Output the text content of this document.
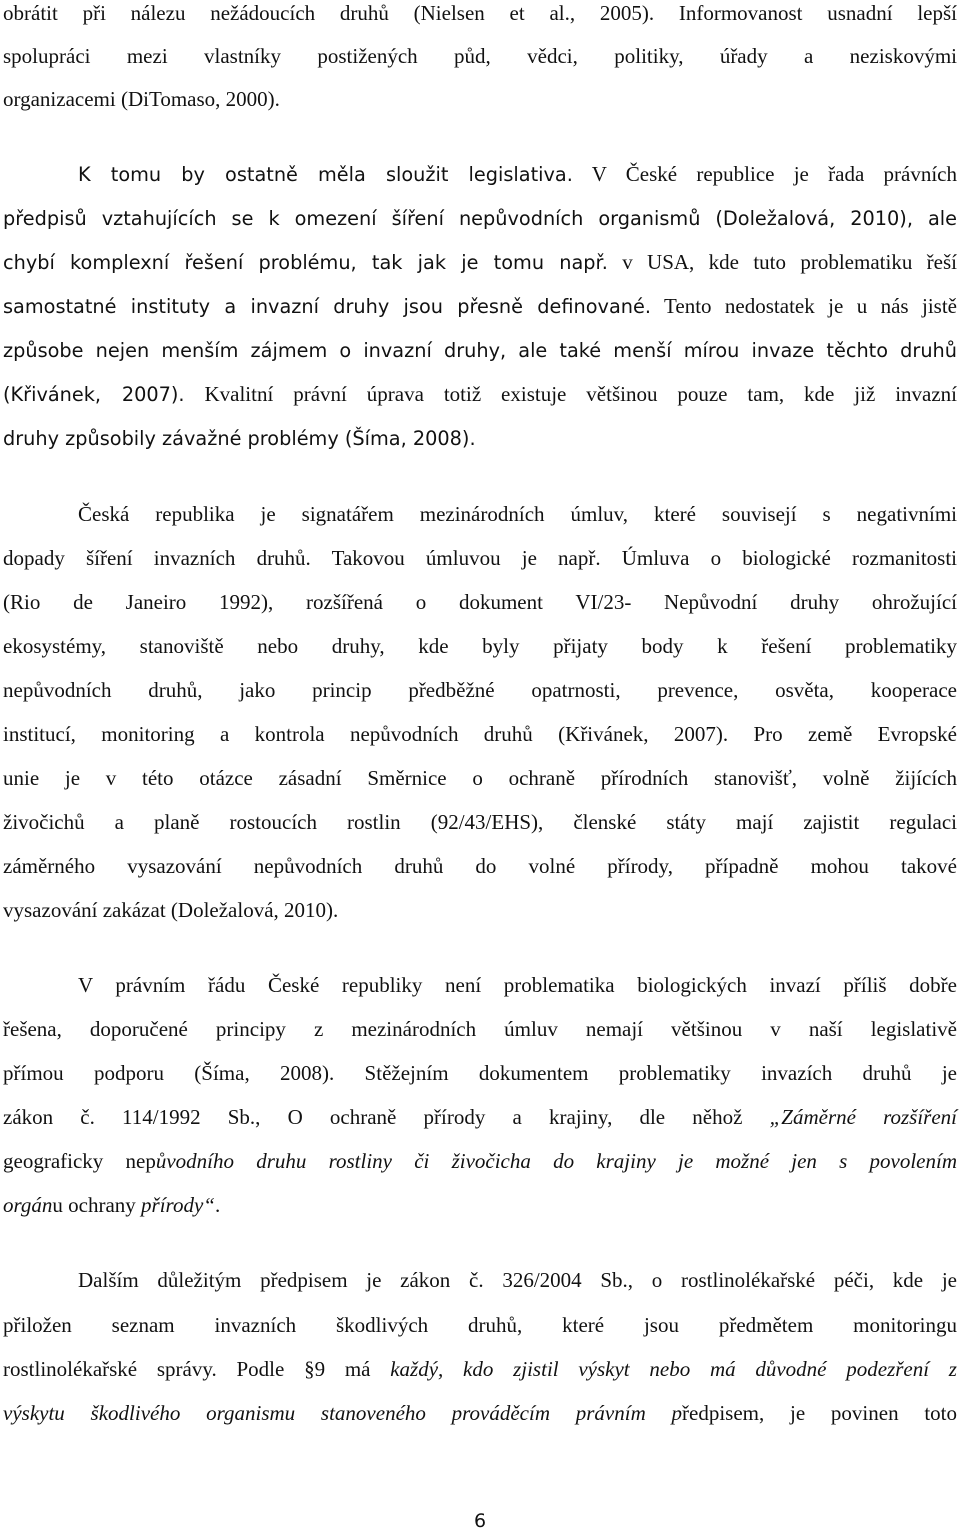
obrátit při nálezu nežádoucích druhů (Nielsen et al., 2005). Informovanost usnadní lepší
spolupráci mezi vlastníky postižených půd, vědci, politiky, úřady a neziskovými
organizacemi (DiTomaso, 2000).
K tomu by ostatně měla sloužit legislativa. V České republice je řada právních
předpisů vztahujících se k omezení šíření nepůvodních organismů (Doležalová, 2010), ale
chybí komplexní řešení problému, tak jak je tomu např. v USA, kde tuto problematiku řeší
samostatné instituty a invazní druhy jsou přesně definované. Tento nedostatek je u nás jistě
způsobe nejen menším zájmem o invazní druhy, ale také menší mírou invaze těchto druhů
(Křivánek, 2007). Kvalitní právní úprava totiž existuje většinou pouze tam, kde již invazní
druhy způsobily závažné problémy (Šíma, 2008).
Česká republika je signatářem mezinárodních úmluv, které souvisejí s negativními
dopady šíření invazních druhů. Takovou úmluvou je např. Úmluva o biologické rozmanitosti
(Rio de Janeiro 1992), rozšířená o dokument VI/23- Nepůvodní druhy ohrožující
ekosystémy, stanoviště nebo druhy, kde byly přijaty body k řešení problematiky
nepůvodních druhů, jako princip předběžné opatrnosti, prevence, osvěta, kooperace
institucí, monitoring a kontrola nepůvodních druhů (Křivánek, 2007). Pro země Evropské
unie je v této otázce zásadní Směrnice o ochraně přírodních stanovišť, volně žijících
živočichů a planě rostoucích rostlin (92/43/EHS), členské státy mají zajistit regulaci
záměrného vysazování nepůvodních druhů do volné přírody, případně mohou takové
vysazování zakázat (Doležalová, 2010).
V právním řádu České republiky není problematika biologických invazí příliš dobře
řešena, doporučené principy z mezinárodních úmluv nemají většinou v naší legislativě
přímou podporu (Šíma, 2008). Stěžejním dokumentem problematiky invazích druhů je
zákon č. 114/1992 Sb., O ochraně přírody a krajiny, dle něhož „Záměrné rozšíření
geograficky nepůvodního druhu rostliny či živočicha do krajiny je možné jen s povolením
orgánu ochrany přírody“.
Dalším důležitým předpisem je zákon č. 326/2004 Sb., o rostlinolékařské péči, kde je
přiložen seznam invazních škodlivých druhů, které jsou předmětem monitoringu
rostlinolékařské správy. Podle §9 má každý, kdo zjistil výskyt nebo má důvodné podezření z
výskytu škodlivého organismu stanoveného prováděcím právním předpisem, je povinen toto
6
